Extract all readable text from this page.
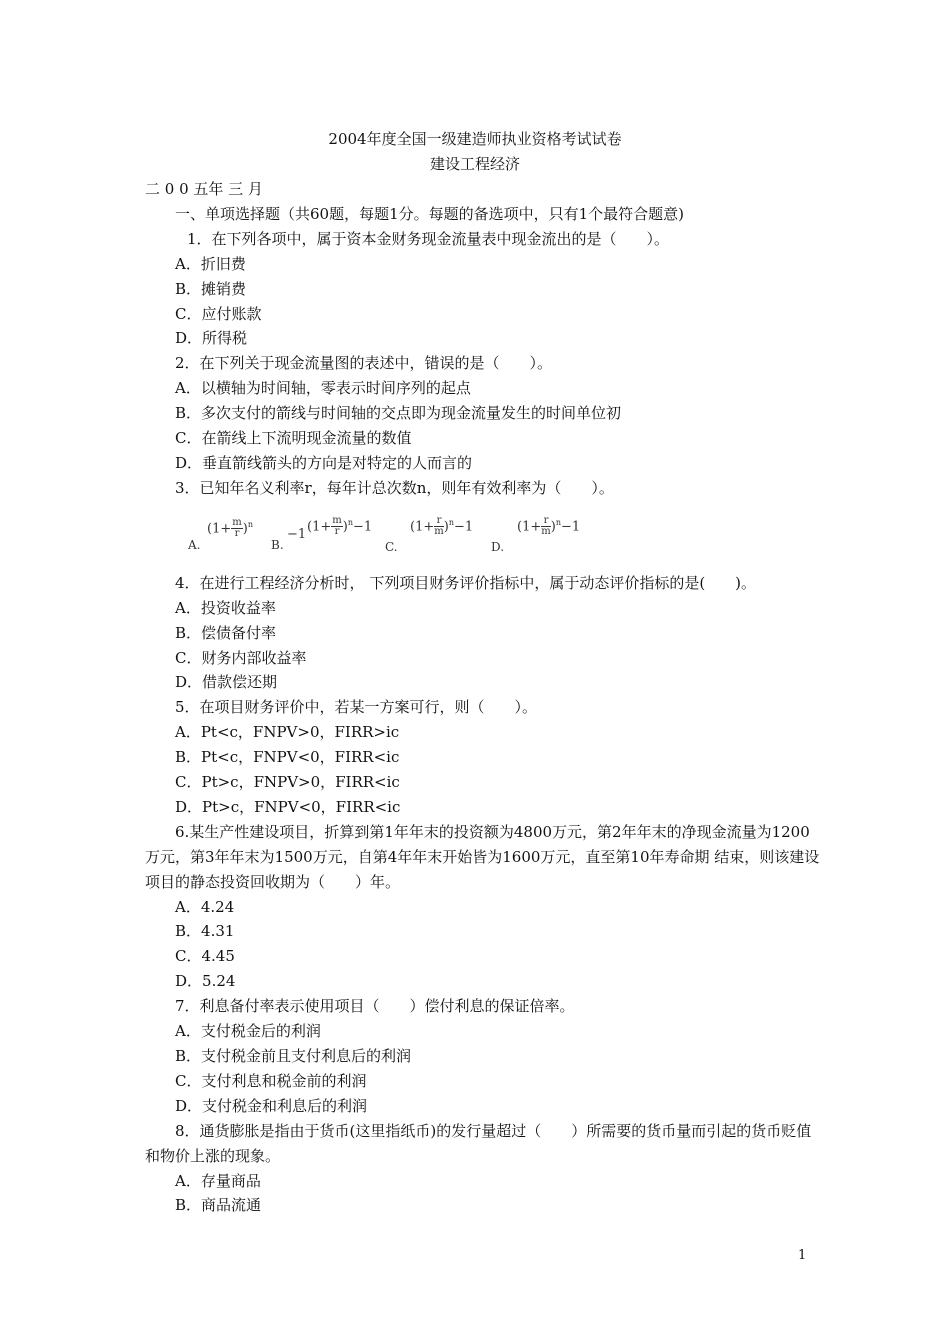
2004年度全国一级建造师执业资格考试试卷
建设工程经济

二 0 0 五年 三 月

一、单项选择题（共60题，每题1分。每题的备选项中，只有1个最符合题意)

1．在下列各项中，属于资本金财务现金流量表中现金流出的是（　　）。

A．折旧费

B．摊销费

C．应付账款

D．所得税

2．在下列关于现金流量图的表述中，错误的是（　　）。

A．以横轴为时间轴，零表示时间序列的起点

B．多次支付的箭线与时间轴的交点即为现金流量发生的时间单位初

C．在箭线上下流明现金流量的数值

D．垂直箭线箭头的方向是对特定的人而言的

3．已知年名义利率r，每年计总次数n，则年有效利率为（　　）。

A.
$(1+ \frac{m}{r} )^n$
B.
−1
$(1+ \frac{m}{r} )^n-1$
C.
$(1+ \frac{r}{m} )^n-1$
D.
$(1+ \frac{r}{m} )^n-1$

4．在进行工程经济分析时， 下列项目财务评价指标中，属于动态评价指标的是(　　)。

A．投资收益率

B．偿债备付率

C．财务内部收益率

D．借款偿还期

5．在项目财务评价中，若某一方案可行，则（　　）。

A．Pt<c，FNPV>0，FIRR>ic

B．Pt<c，FNPV<0，FIRR<ic

C．Pt>c，FNPV>0，FIRR<ic

D．Pt>c，FNPV<0，FIRR<ic

6.某生产性建设项目，折算到第1年年末的投资额为4800万元，第2年年末的净现金流量为1200万元，第3年年末为1500万元，自第4年年末开始皆为1600万元，直至第10年寿命期 结束，则该建设项目的静态投资回收期为（　　）年。

A．4.24

B．4.31

C．4.45

D．5.24

7．利息备付率表示使用项目（　　）偿付利息的保证倍率。

A．支付税金后的利润

B．支付税金前且支付利息后的利润

C．支付利息和税金前的利润

D．支付税金和利息后的利润

8．通货膨胀是指由于货币(这里指纸币)的发行量超过（　　）所需要的货币量而引起的货币贬值和物价上涨的现象。

A．存量商品

B．商品流通

1
